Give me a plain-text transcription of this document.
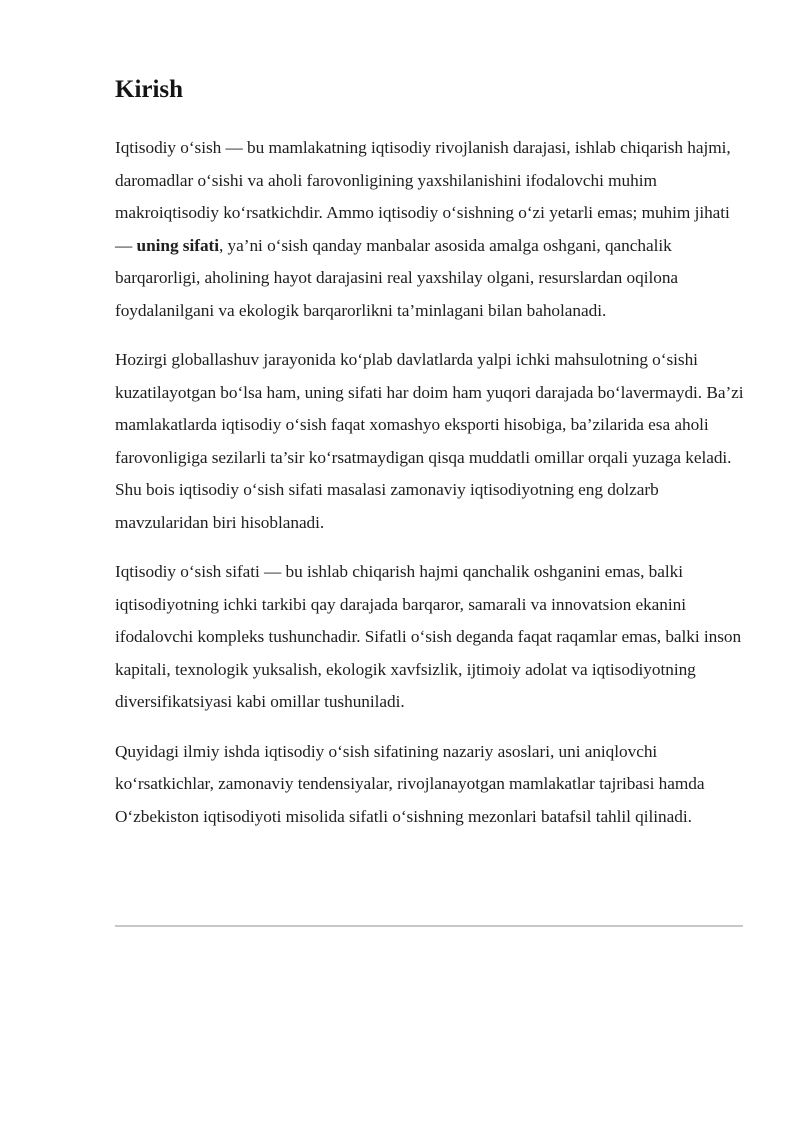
Kirish

Iqtisodiy o‘sish — bu mamlakatning iqtisodiy rivojlanish darajasi, ishlab chiqarish hajmi, daromadlar o‘sishi va aholi farovonligining yaxshilanishini ifodalovchi muhim makroiqtisodiy ko‘rsatkichdir. Ammo iqtisodiy o‘sishning o‘zi yetarli emas; muhim jihati — uning sifati, ya’ni o‘sish qanday manbalar asosida amalga oshgani, qanchalik barqarorligi, aholining hayot darajasini real yaxshilay olgani, resurslardan oqilona foydalanilgani va ekologik barqarorlikni ta’minlagani bilan baholanadi.

Hozirgi globallashuv jarayonida ko‘plab davlatlarda yalpi ichki mahsulotning o‘sishi kuzatilayotgan bo‘lsa ham, uning sifati har doim ham yuqori darajada bo‘lavermaydi. Ba’zi mamlakatlarda iqtisodiy o‘sish faqat xomashyo eksporti hisobiga, ba’zilarida esa aholi farovonligiga sezilarli ta’sir ko‘rsatmaydigan qisqa muddatli omillar orqali yuzaga keladi. Shu bois iqtisodiy o‘sish sifati masalasi zamonaviy iqtisodiyotning eng dolzarb mavzularidan biri hisoblanadi.

Iqtisodiy o‘sish sifati — bu ishlab chiqarish hajmi qanchalik oshganini emas, balki iqtisodiyotning ichki tarkibi qay darajada barqaror, samarali va innovatsion ekanini ifodalovchi kompleks tushunchadir. Sifatli o‘sish deganda faqat raqamlar emas, balki inson kapitali, texnologik yuksalish, ekologik xavfsizlik, ijtimoiy adolat va iqtisodiyotning diversifikatsiyasi kabi omillar tushuniladi.

Quyidagi ilmiy ishda iqtisodiy o‘sish sifatining nazariy asoslari, uni aniqlovchi ko‘rsatkichlar, zamonaviy tendensiyalar, rivojlanayotgan mamlakatlar tajribasi hamda O‘zbekiston iqtisodiyoti misolida sifatli o‘sishning mezonlari batafsil tahlil qilinadi.
